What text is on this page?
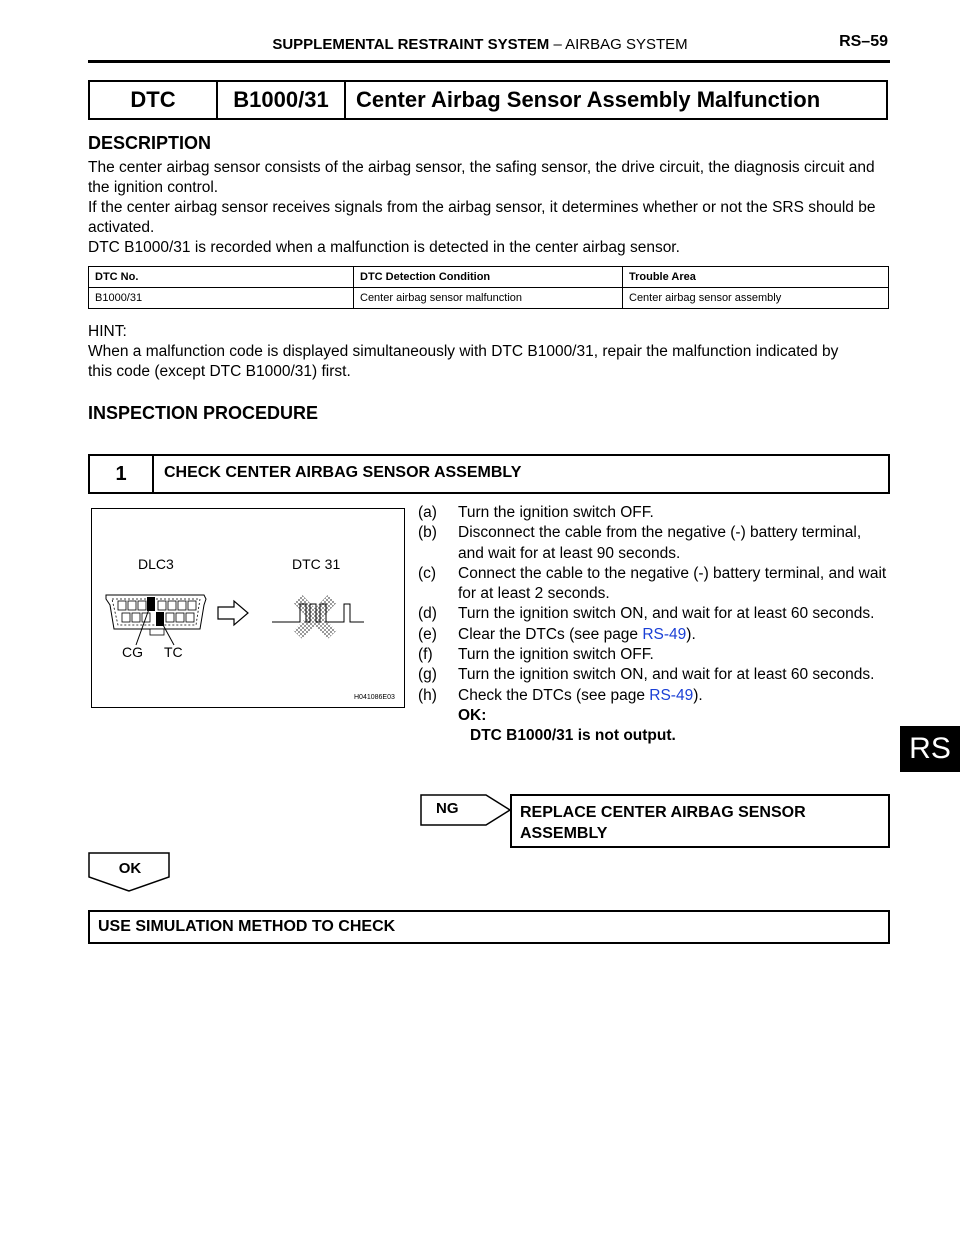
SUPPLEMENTAL RESTRAINT SYSTEM – AIRBAG SYSTEM	RS–59
DTC	B1000/31	Center Airbag Sensor Assembly Malfunction
DESCRIPTION
The center airbag sensor consists of the airbag sensor, the safing sensor, the drive circuit, the diagnosis circuit and the ignition control.
If the center airbag sensor receives signals from the airbag sensor, it determines whether or not the SRS should be activated.
DTC B1000/31 is recorded when a malfunction is detected in the center airbag sensor.
DTC No.	DTC Detection Condition	Trouble Area
B1000/31	Center airbag sensor malfunction	Center airbag sensor assembly
HINT:
When a malfunction code is displayed simultaneously with DTC B1000/31, repair the malfunction indicated by this code (except DTC B1000/31) first.
INSPECTION PROCEDURE
1	CHECK CENTER AIRBAG SENSOR ASSEMBLY
DLC3	DTC 31
CG TC
H041086E03
(a)	Turn the ignition switch OFF.
(b)	Disconnect the cable from the negative (-) battery terminal, and wait for at least 90 seconds.
(c)	Connect the cable to the negative (-) battery terminal, and wait for at least 2 seconds.
(d)	Turn the ignition switch ON, and wait for at least 60 seconds.
(e)	Clear the DTCs (see page RS-49).
(f)	Turn the ignition switch OFF.
(g)	Turn the ignition switch ON, and wait for at least 60 seconds.
(h)	Check the DTCs (see page RS-49).
OK:
DTC B1000/31 is not output.
NG	REPLACE CENTER AIRBAG SENSOR ASSEMBLY
OK
USE SIMULATION METHOD TO CHECK
RS
